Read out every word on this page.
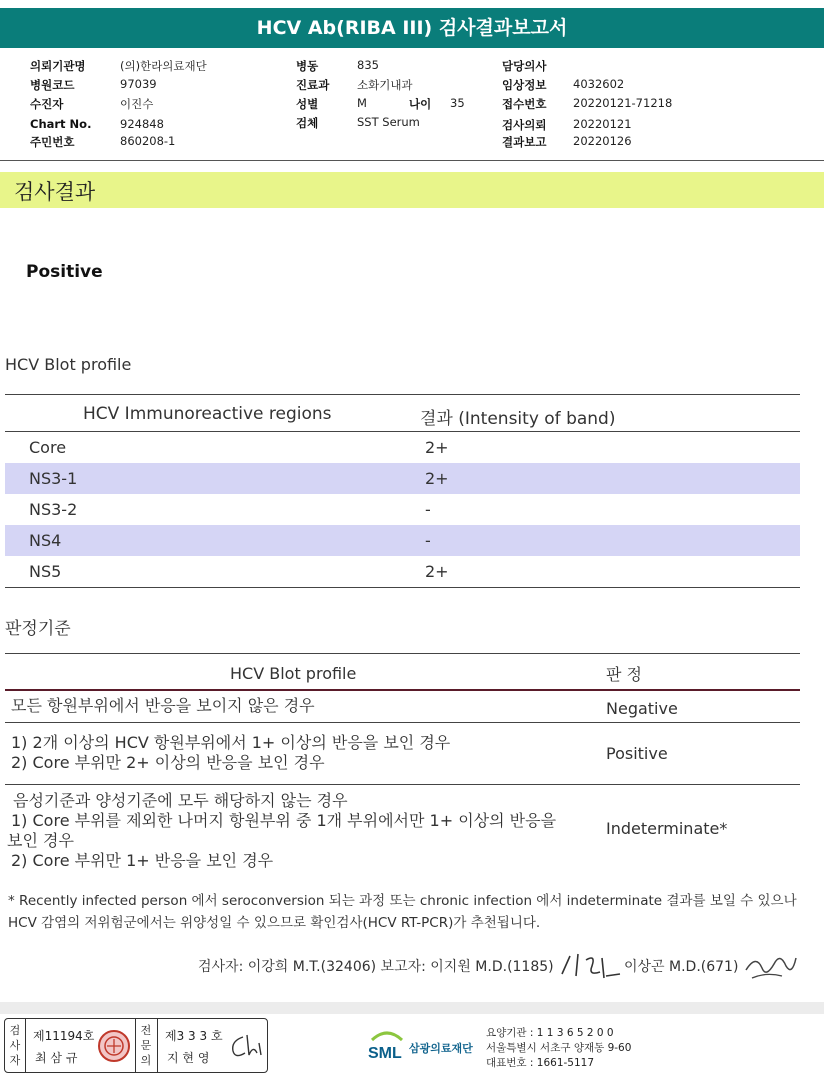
HCV Ab(RIBA III) 검사결과보고서
의뢰기관명	(의)한라의료재단
병원코드	97039
수진자	이진수
Chart No. 924848
주민번호	860208-1
병동	835
진료과 소화기내과
성별	M	나이 35
검체	SST Serum
담당의사
임상정보 4032602
접수번호 20220121-71218
검사의뢰 20220121
결과보고 20220126
검사결과
Positive
HCV Blot profile
HCV Immunoreactive regions	결과 (Intensity of band)
Core	2+
NS3-1	2+
NS3-2	-
NS4	-
NS5	2+
판정기준
HCV Blot profile	판 정
모든 항원부위에서 반응을 보이지 않은 경우	Negative
1) 2개 이상의 HCV 항원부위에서 1+ 이상의 반응을 보인 경우
2) Core 부위만 2+ 이상의 반응을 보인 경우	Positive
음성기준과 양성기준에 모두 해당하지 않는 경우
1) Core 부위를 제외한 나머지 항원부위 중 1개 부위에서만 1+ 이상의 반응을
보인 경우
2) Core 부위만 1+ 반응을 보인 경우
Indeterminate*
* Recently infected person 에서 seroconversion 되는 과정 또는 chronic infection 에서 indeterminate 결과를 보일 수 있으나 HCV 감염의 저위험군에서는 위양성일 수 있으므로 확인검사(HCV RT-PCR)가 추천됩니다.
검사자: 이강희 M.T.(32406) 보고자: 이지원 M.D.(1185)	이상곤 M.D.(671)
검
사
자
제11194호
최 삼 규
전
문
의
제3 3 3 호
지 현 영	SML 삼광의료재단
요양기관 : 1 1 3 6 5 2 0 0
서울특별시 서초구 양재동 9-60
대표번호 : 1661-5117
